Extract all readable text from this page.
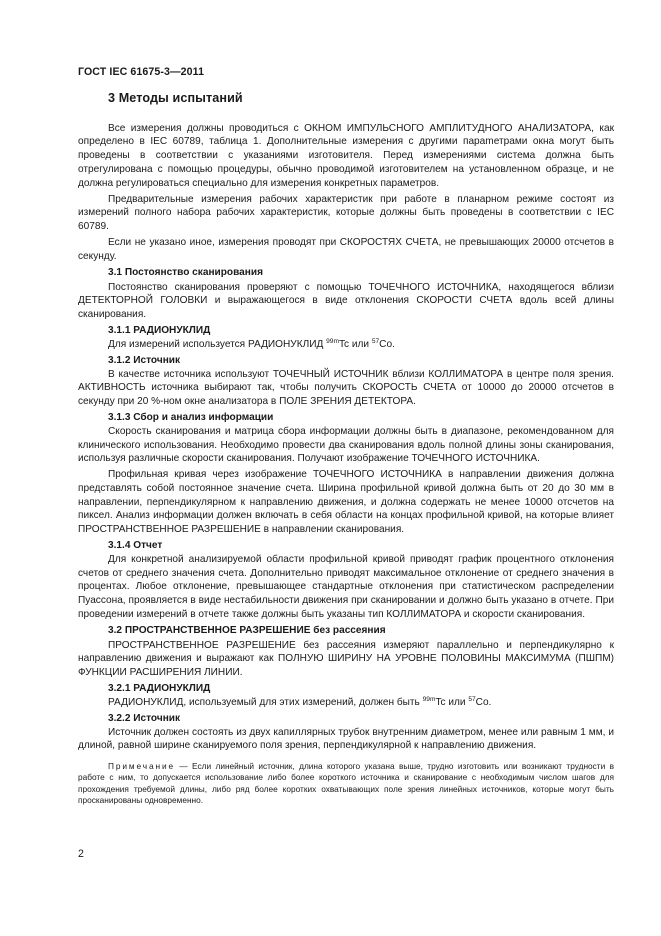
ГОСТ IEC 61675-3—2011
3 Методы испытаний
Все измерения должны проводиться с ОКНОМ ИМПУЛЬСНОГО АМПЛИТУДНОГО АНАЛИЗАТОРА, как определено в IEC 60789, таблица 1. Дополнительные измерения с другими параmетрами окна могут быть проведены в соответствии с указаниями изготовителя. Перед измерениями система должна быть отрегулирована с помощью процедуры, обычно проводимой изготовителем на установленном образце, и не должна регулироваться специально для измерения конкретных параметров.
Предварительные измерения рабочих характеристик при работе в планарном режиме состоят из измерений полного набора рабочих характеристик, которые должны быть проведены в соответствии с IEC 60789.
Если не указано иное, измерения проводят при СКОРОСТЯХ СЧЕТА, не превышающих 20000 отсчетов в секунду.
3.1 Постоянство сканирования
Постоянство сканирования проверяют с помощью ТОЧЕЧНОГО ИСТОЧНИКА, находящегося вблизи ДЕТЕКТОРНОЙ ГОЛОВКИ и выражающегося в виде отклонения СКОРОСТИ СЧЕТА вдоль всей длины сканирования.
3.1.1 РАДИОНУКЛИД
Для измерений используется РАДИОНУКЛИД $^{99m}$Tc или $^{57}$Co.
3.1.2 Источник
В качестве источника используют ТОЧЕЧНЫЙ ИСТОЧНИК вблизи КОЛЛИМАТОРА в центре поля зрения. АКТИВНОСТЬ источника выбирают так, чтобы получить СКОРОСТЬ СЧЕТА от 10000 до 20000 отсчетов в секунду при 20 %-ном окне анализатора в ПОЛЕ ЗРЕНИЯ ДЕТЕКТОРА.
3.1.3 Сбор и анализ информации
Скорость сканирования и матрица сбора информации должны быть в диапазоне, рекомендованном для клинического использования. Необходимо провести два сканирования вдоль полной длины зоны сканирования, используя различные скорости сканирования. Получают изображение ТОЧЕЧНОГО ИСТОЧНИКА.
Профильная кривая через изображение ТОЧЕЧНОГО ИСТОЧНИКА в направлении движения должна представлять собой постоянное значение счета. Ширина профильной кривой должна быть от 20 до 30 мм в направлении, перпендикулярном к направлению движения, и должна содержать не менее 10000 отсчетов на пиксел. Анализ информации должен включать в себя области на концах профильной кривой, на которые влияет ПРОСТРАНСТВЕННОЕ РАЗРЕШЕНИЕ в направлении сканирования.
3.1.4 Отчет
Для конкретной анализируемой области профильной кривой приводят график процентного отклонения счетов от среднего значения счета. Дополнительно приводят максимальное отклонение от среднего значения в процентах. Любое отклонение, превышающее стандартные отклонения при статистическом распределении Пуассона, проявляется в виде нестабильности движения при сканировании и должно быть указано в отчете. При проведении измерений в отчете также должны быть указаны тип КОЛЛИМАТОРА и скорости сканирования.
3.2 ПРОСТРАНСТВЕННОЕ РАЗРЕШЕНИЕ без рассеяния
ПРОСТРАНСТВЕННОЕ РАЗРЕШЕНИЕ без рассеяния измеряют параллельно и перпендикулярно к направлению движения и выражают как ПОЛНУЮ ШИРИНУ НА УРОВНЕ ПОЛОВИНЫ МАКСИМУМА (ПШПМ) ФУНКЦИИ РАСШИРЕНИЯ ЛИНИИ.
3.2.1 РАДИОНУКЛИД
РАДИОНУКЛИД, используемый для этих измерений, должен быть $^{99m}$Tc или $^{57}$Co.
3.2.2 Источник
Источник должен состоять из двух капиллярных трубок внутренним диаметром, менее или равным 1 мм, и длиной, равной ширине сканируемого поля зрения, перпендикулярной к направлению движения.
Примечание — Если линейный источник, длина которого указана выше, трудно изготовить или возникают трудности в работе с ним, то допускается использование либо более короткого источника и сканирование с необходимым числом шагов для прохождения требуемой длины, либо ряд более коротких охватывающих поле зрения линейных источников, которые могут быть просканированы одновременно.
2
